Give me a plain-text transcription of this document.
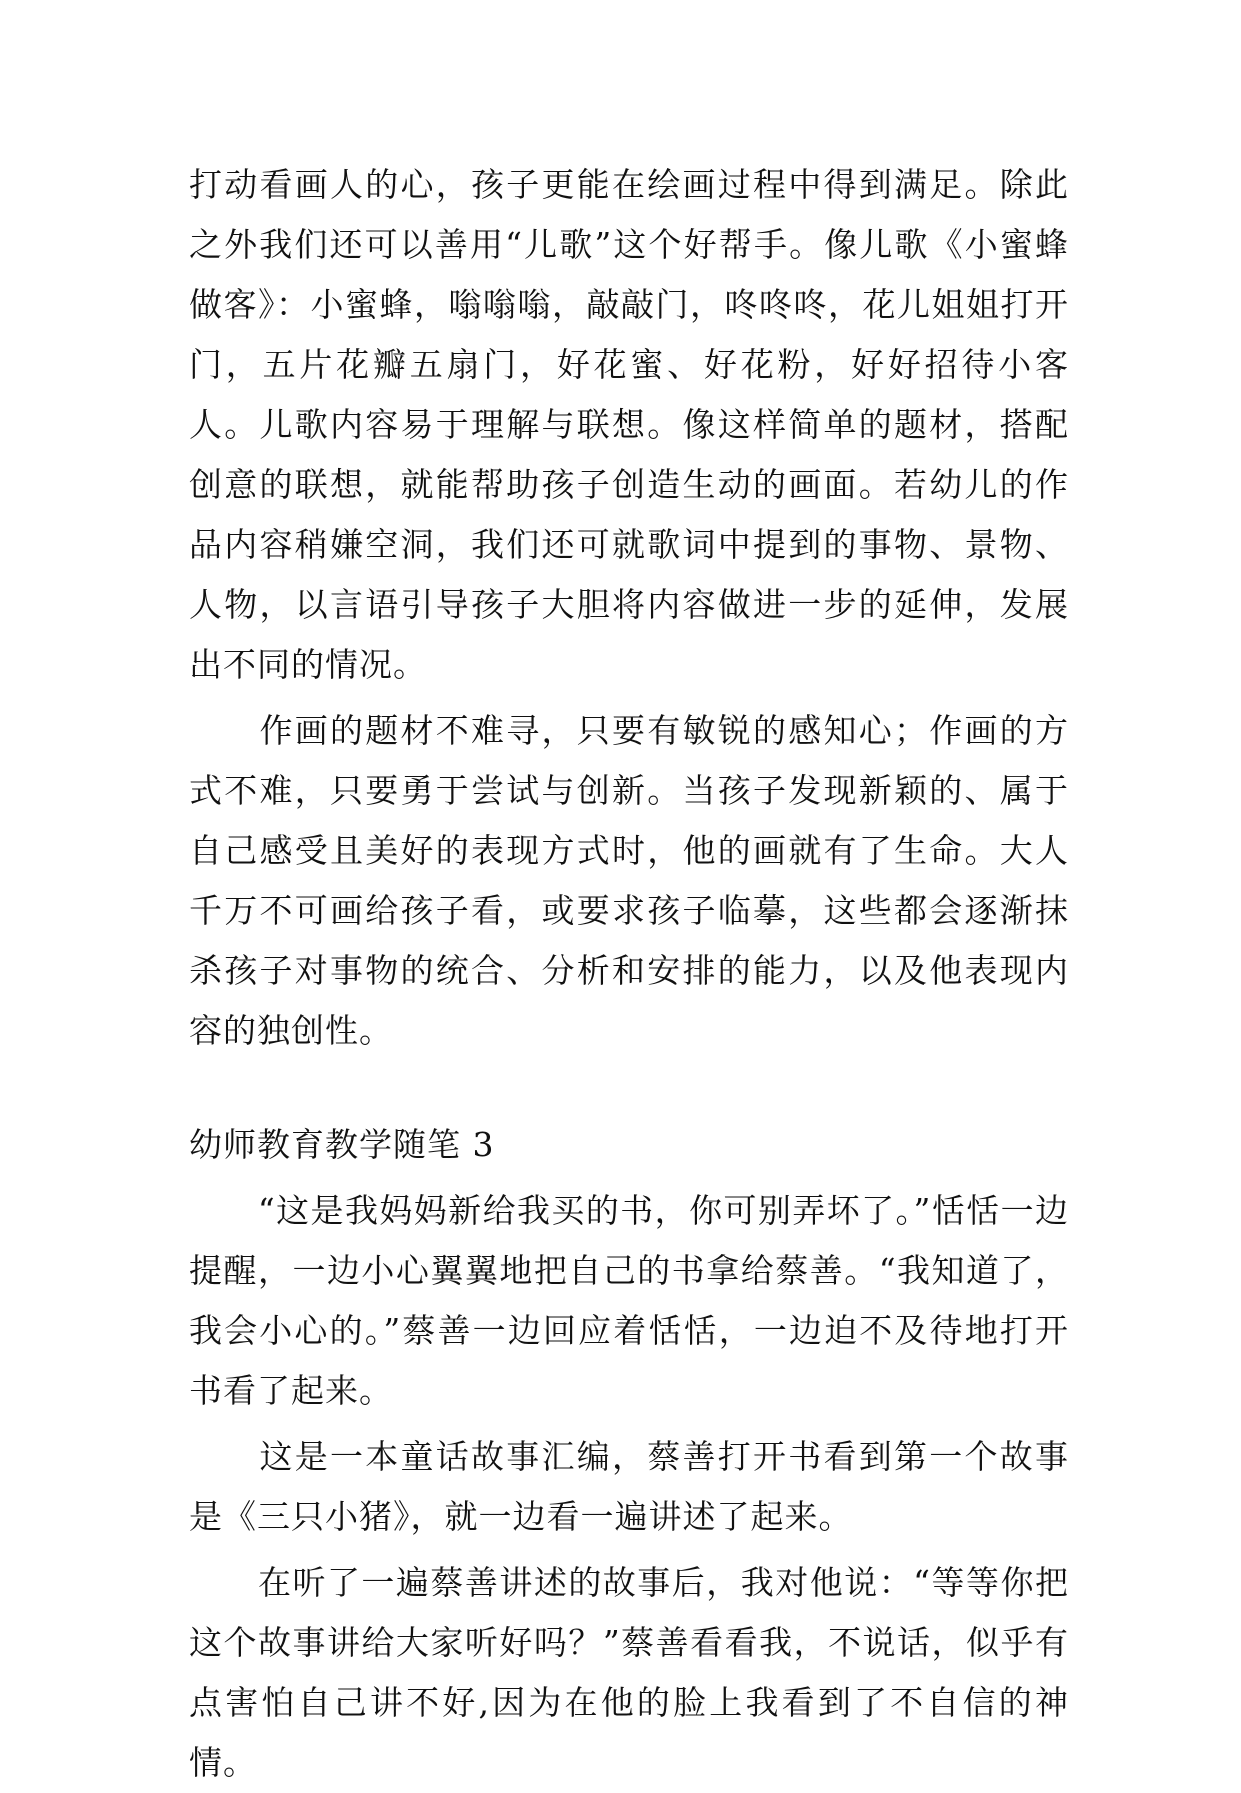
打动看画人的心，孩子更能在绘画过程中得到满足。除此之外我们还可以善用“儿歌”这个好帮手。像儿歌《小蜜蜂做客》：小蜜蜂，嗡嗡嗡，敲敲门，咚咚咚，花儿姐姐打开门，五片花瓣五扇门，好花蜜、好花粉，好好招待小客人。儿歌内容易于理解与联想。像这样简单的题材，搭配创意的联想，就能帮助孩子创造生动的画面。若幼儿的作品内容稍嫌空洞，我们还可就歌词中提到的事物、景物、人物，以言语引导孩子大胆将内容做进一步的延伸，发展出不同的情况。

　　作画的题材不难寻，只要有敏锐的感知心；作画的方式不难，只要勇于尝试与创新。当孩子发现新颖的、属于自己感受且美好的表现方式时，他的画就有了生命。大人千万不可画给孩子看，或要求孩子临摹，这些都会逐渐抹杀孩子对事物的统合、分析和安排的能力，以及他表现内容的独创性。

幼师教育教学随笔 3

　　“这是我妈妈新给我买的书，你可别弄坏了。”恬恬一边提醒，一边小心翼翼地把自己的书拿给蔡善。“我知道了，我会小心的。”蔡善一边回应着恬恬，一边迫不及待地打开书看了起来。

　　这是一本童话故事汇编，蔡善打开书看到第一个故事是《三只小猪》，就一边看一遍讲述了起来。

　　在听了一遍蔡善讲述的故事后，我对他说：“等等你把这个故事讲给大家听好吗？”蔡善看看我，不说话，似乎有点害怕自己讲不好,因为在他的脸上我看到了不自信的神情。
